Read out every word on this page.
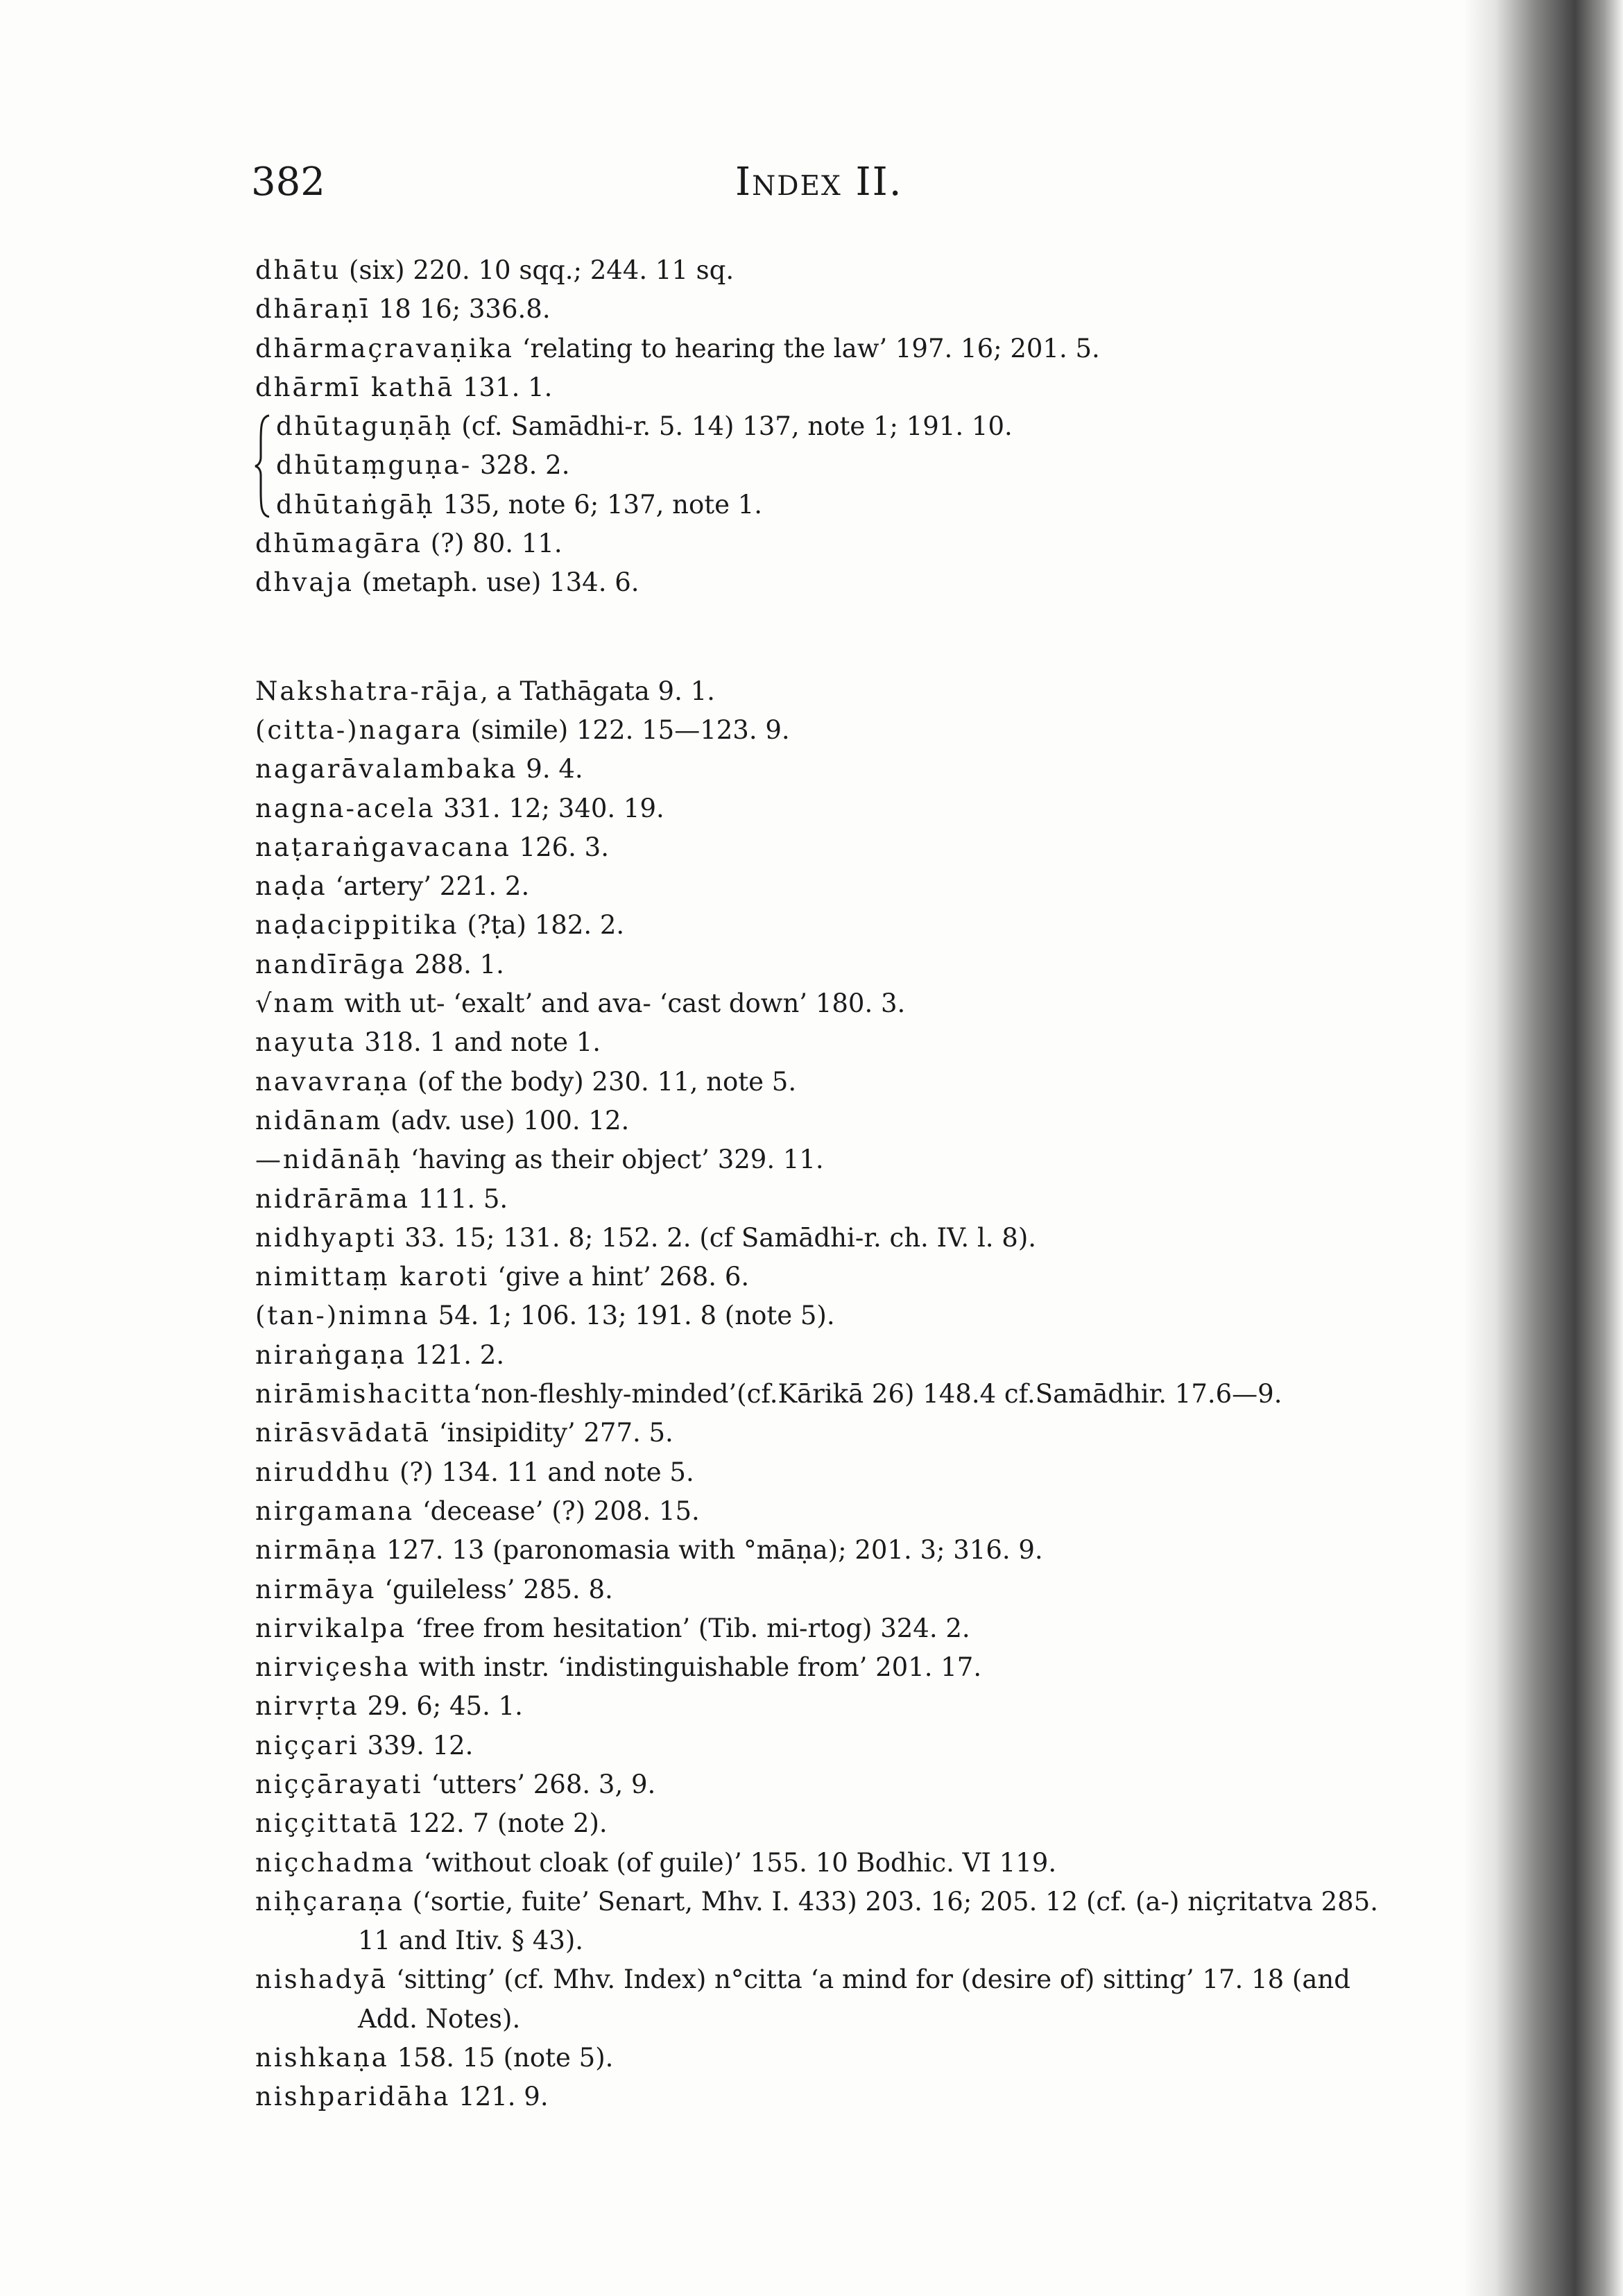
382	Index II.
dhātu (six) 220. 10 sqq.; 244. 11 sq.
dhāraṇī 18 16; 336.8.
dhārmaçravaṇika ‘relating to hearing the law’ 197. 16; 201. 5.
dhārmī kathā 131. 1.
dhūtaguṇāḥ (cf. Samādhi-r. 5. 14) 137, note 1; 191. 10.
dhūtaṃguṇa- 328. 2.
dhūtaṅgāḥ 135, note 6; 137, note 1.
dhūmagāra (?) 80. 11.
dhvaja (metaph. use) 134. 6.
Nakshatra-rāja, a Tathāgata 9. 1.
(citta-)nagara (simile) 122. 15—123. 9.
nagarāvalambaka 9. 4.
nagna-acela 331. 12; 340. 19.
naṭaraṅgavacana 126. 3.
naḍa ‘artery’ 221. 2.
naḍacippitika (?ṭa) 182. 2.
nandīrāga 288. 1.
√nam with ut- ‘exalt’ and ava- ‘cast down’ 180. 3.
nayuta 318. 1 and note 1.
navavraṇa (of the body) 230. 11, note 5.
nidānam (adv. use) 100. 12.
—nidānāḥ ‘having as their object’ 329. 11.
nidrārāma 111. 5.
nidhyapti 33. 15; 131. 8; 152. 2. (cf Samādhi-r. ch. IV. l. 8).
nimittaṃ karoti ‘give a hint’ 268. 6.
(tan-)nimna 54. 1; 106. 13; 191. 8 (note 5).
niraṅgaṇa 121. 2.
nirāmishacitta‘non-fleshly-minded’(cf.Kārikā 26) 148.4 cf.Samādhir. 17.6—9.
nirāsvādatā ‘insipidity’ 277. 5.
niruddhu (?) 134. 11 and note 5.
nirgamana ‘decease’ (?) 208. 15.
nirmāṇa 127. 13 (paronomasia with °māṇa); 201. 3; 316. 9.
nirmāya ‘guileless’ 285. 8.
nirvikalpa ‘free from hesitation’ (Tib. mi-rtog) 324. 2.
nirviçesha with instr. ‘indistinguishable from’ 201. 17.
nirvṛta 29. 6; 45. 1.
niççari 339. 12.
niççārayati ‘utters’ 268. 3, 9.
niççittatā 122. 7 (note 2).
niçchadma ‘without cloak (of guile)’ 155. 10 Bodhic. VI 119.
niḥçaraṇa (‘sortie, fuite’ Senart, Mhv. I. 433) 203. 16; 205. 12 (cf. (a-) niçritatva 285. 11 and Itiv. § 43).
nishadyā ‘sitting’ (cf. Mhv. Index) n°citta ‘a mind for (desire of) sitting’ 17. 18 (and Add. Notes).
nishkaṇa 158. 15 (note 5).
nishparidāha 121. 9.
